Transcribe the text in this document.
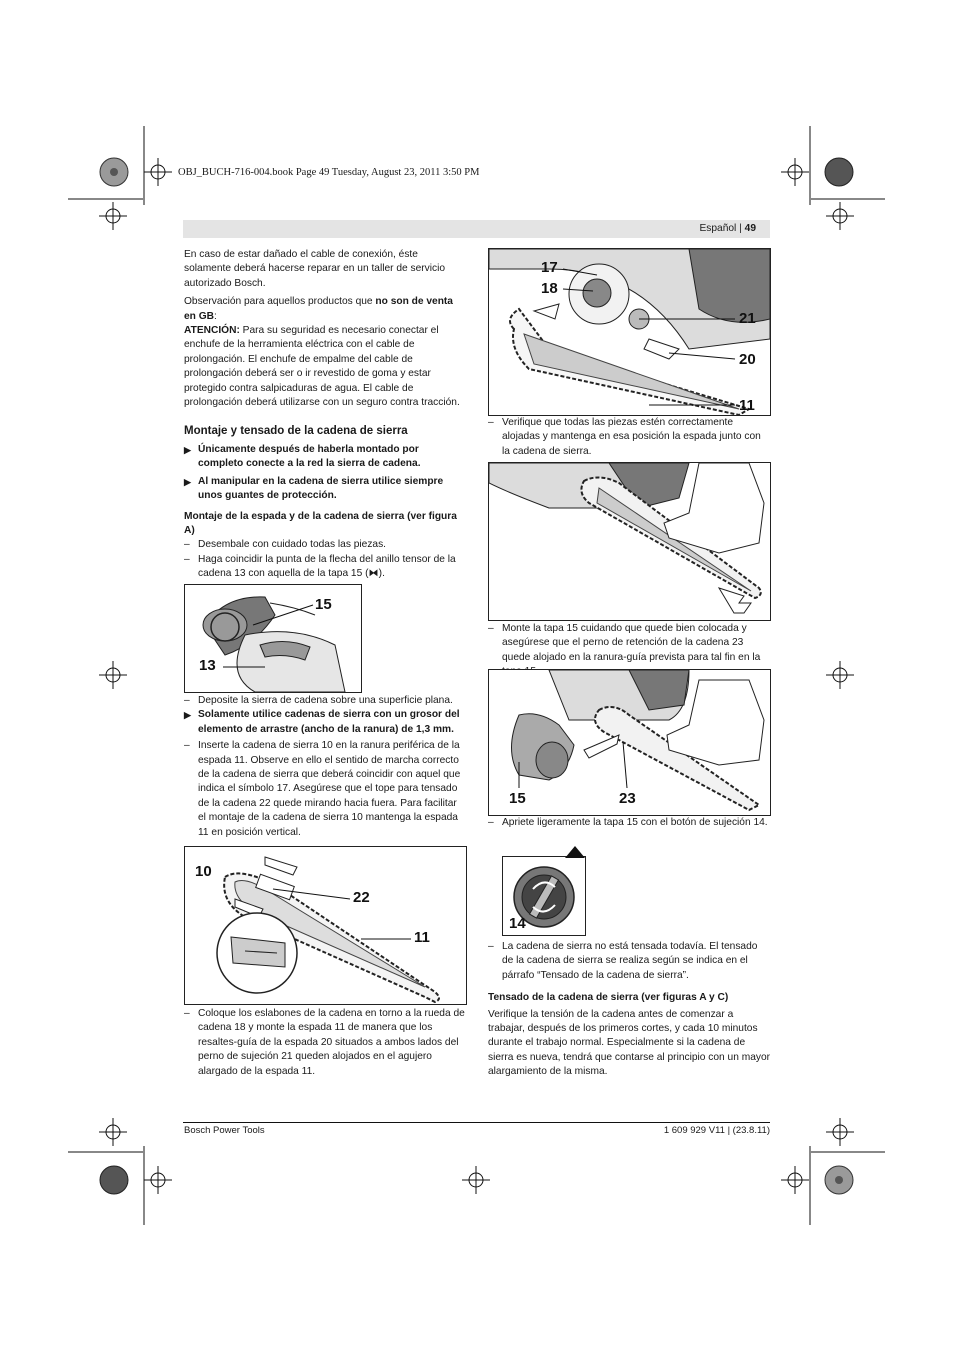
OBJ_BUCH-716-004.book Page 49 Tuesday, August 23, 2011 3:50 PM
Español | 49

En caso de estar dañado el cable de conexión, éste solamente deberá hacerse reparar en un taller de servicio autorizado Bosch.

Observación para aquellos productos que no son de venta en GB:

ATENCIÓN: Para su seguridad es necesario conectar el enchufe de la herramienta eléctrica con el cable de prolongación. El enchufe de empalme del cable de prolongación deberá ser o ir revestido de goma y estar protegido contra salpicaduras de agua. El cable de prolongación deberá utilizarse con un seguro contra tracción.

Montaje y tensado de la cadena de sierra

▶ Únicamente después de haberla montado por completo conecte a la red la sierra de cadena.

▶ Al manipular en la cadena de sierra utilice siempre unos guantes de protección.

Montaje de la espada y de la cadena de sierra (ver figura A)

– Desembale con cuidado todas las piezas.

– Haga coincidir la punta de la flecha del anillo tensor de la cadena 13 con aquella de la tapa 15 (⧓).

15
13

– Deposite la sierra de cadena sobre una superficie plana.

▶ Solamente utilice cadenas de sierra con un grosor del elemento de arrastre (ancho de la ranura) de 1,3 mm.

– Inserte la cadena de sierra 10 en la ranura periférica de la espada 11. Observe en ello el sentido de marcha correcto de la cadena de sierra que deberá coincidir con aquel que indica el símbolo 17. Asegúrese que el tope para tensado de la cadena 22 quede mirando hacia fuera. Para facilitar el montaje de la cadena de sierra 10 mantenga la espada 11 en posición vertical.

10
22
11

– Coloque los eslabones de la cadena en torno a la rueda de cadena 18 y monte la espada 11 de manera que los resaltes-guía de la espada 20 situados a ambos lados del perno de sujeción 21 queden alojados en el agujero alargado de la espada 11.

17
18
21
20
11

– Verifique que todas las piezas estén correctamente alojadas y mantenga en esa posición la espada junto con la cadena de sierra.

– Monte la tapa 15 cuidando que quede bien colocada y asegúrese que el perno de retención de la cadena 23 quede alojado en la ranura-guía prevista para tal fin en la

15	23

– Apriete ligeramente la tapa 15 con el botón de sujeción 14.

14

– La cadena de sierra no está tensada todavía. El tensado de la cadena de sierra se realiza según se indica en el párrafo “Tensado de la cadena de sierra”.

Tensado de la cadena de sierra (ver figuras A y C)

Verifique la tensión de la cadena antes de comenzar a trabajar, después de los primeros cortes, y cada 10 minutos durante el trabajo normal. Especialmente si la cadena de sierra es nueva, tendrá que contarse al principio con un mayor alargamiento de la misma.

Bosch Power Tools	1 609 929 V11 | (23.8.11)
